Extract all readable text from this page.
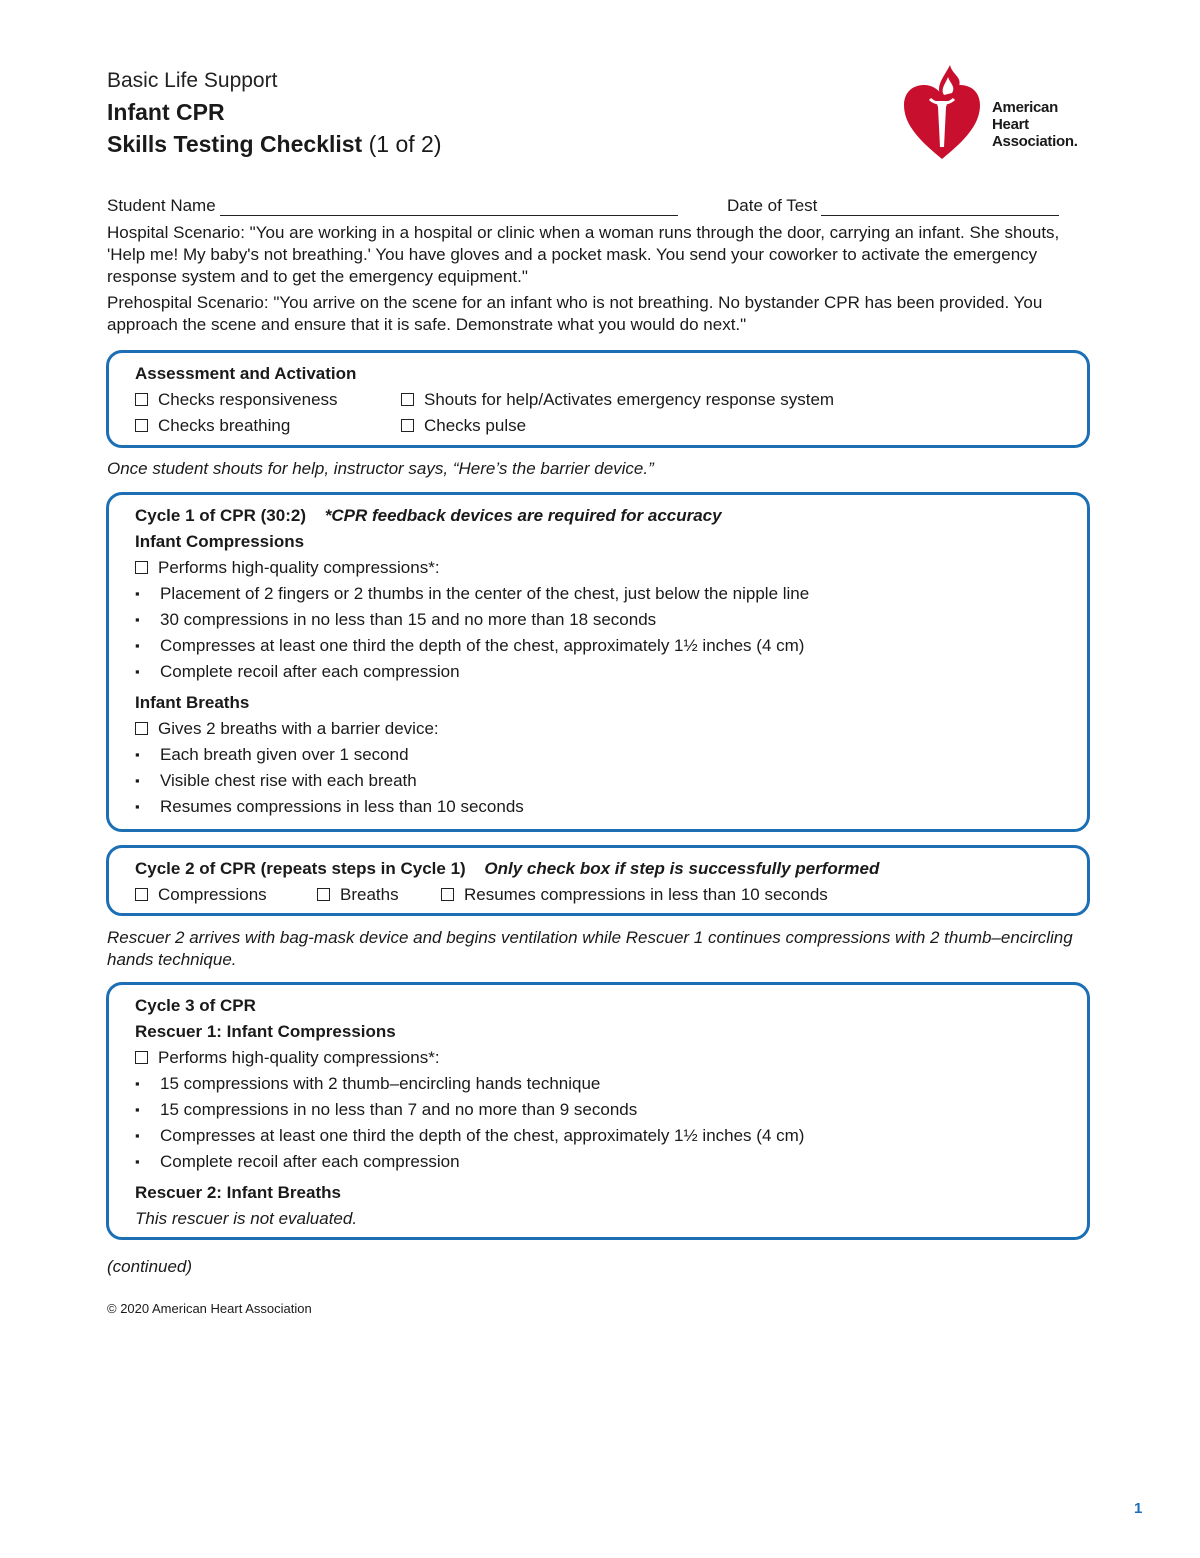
Basic Life Support
Infant CPR
Skills Testing Checklist (1 of 2)
American
Heart
Association.
Student Name	Date of Test

Hospital Scenario: "You are working in a hospital or clinic when a woman runs through the door, carrying an infant. She shouts, 'Help me! My baby's not breathing.' You have gloves and a pocket mask. You send your coworker to activate the emergency response system and to get the emergency equipment."

Prehospital Scenario: "You arrive on the scene for an infant who is not breathing. No bystander CPR has been provided. You approach the scene and ensure that it is safe. Demonstrate what you would do next."

Assessment and Activation
Checks responsiveness	Shouts for help/Activates emergency response system
Checks breathing	Checks pulse

Once student shouts for help, instructor says, “Here’s the barrier device.”

Cycle 1 of CPR (30:2) *CPR feedback devices are required for accuracy
Infant Compressions
Performs high-quality compressions*:
▪ Placement of 2 fingers or 2 thumbs in the center of the chest, just below the nipple line
▪ 30 compressions in no less than 15 and no more than 18 seconds
▪ Compresses at least one third the depth of the chest, approximately 1½ inches (4 cm)
▪ Complete recoil after each compression
Infant Breaths
Gives 2 breaths with a barrier device:
▪ Each breath given over 1 second
▪ Visible chest rise with each breath
▪ Resumes compressions in less than 10 seconds
Cycle 2 of CPR (repeats steps in Cycle 1) Only check box if step is successfully performed
Compressions	Breaths	Resumes compressions in less than 10 seconds

Rescuer 2 arrives with bag-mask device and begins ventilation while Rescuer 1 continues compressions with 2 thumb–encircling hands technique.

Cycle 3 of CPR
Rescuer 1: Infant Compressions
Performs high-quality compressions*:
▪ 15 compressions with 2 thumb–encircling hands technique
▪ 15 compressions in no less than 7 and no more than 9 seconds
▪ Compresses at least one third the depth of the chest, approximately 1½ inches (4 cm)
▪ Complete recoil after each compression
Rescuer 2: Infant Breaths
This rescuer is not evaluated.

(continued)

© 2020 American Heart Association
1
